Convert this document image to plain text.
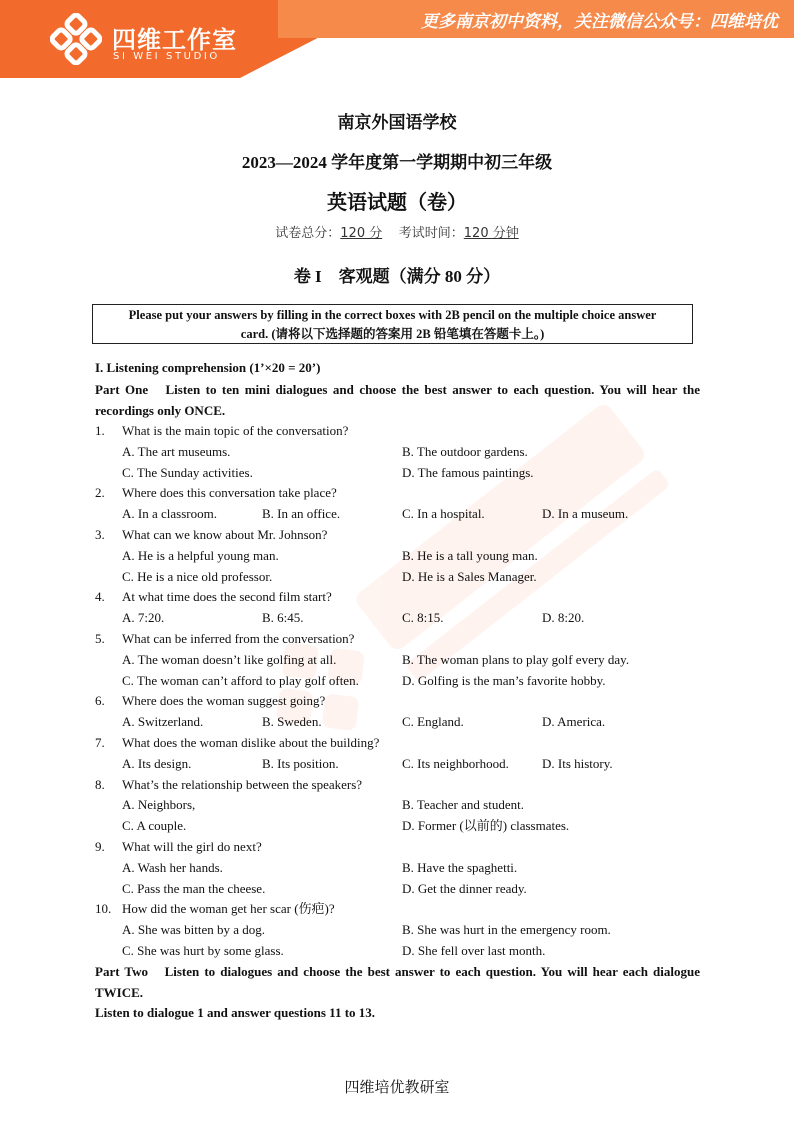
四维工作室
SI WEI STUDIO
更多南京初中资料，关注微信公众号：四维培优
南京外国语学校
2023—2024 学年度第一学期期中初三年级
英语试题（卷）
试卷总分：120 分 考试时间：120 分钟
卷 I　客观题（满分 80 分）
Please put your answers by filling in the correct boxes with 2B pencil on the multiple choice answer
card. (请将以下选择题的答案用 2B 铅笔填在答题卡上。)
I. Listening comprehension (1’×20 = 20’)
Part One　Listen to ten mini dialogues and choose the best answer to each question. You will hear the recordings only ONCE.
1. What is the main topic of the conversation?
A. The art museums.	B. The outdoor gardens.
C. The Sunday activities.	D. The famous paintings.
2. Where does this conversation take place?
A. In a classroom.	B. In an office.	C. In a hospital.	D. In a museum.
3. What can we know about Mr. Johnson?
A. He is a helpful young man.	B. He is a tall young man.
C. He is a nice old professor.	D. He is a Sales Manager.
4. At what time does the second film start?
A. 7:20.	B. 6:45.	C. 8:15.	D. 8:20.
5. What can be inferred from the conversation?
A. The woman doesn’t like golfing at all.	B. The woman plans to play golf every day.
C. The woman can’t afford to play golf often.	D. Golfing is the man’s favorite hobby.
6. Where does the woman suggest going?
A. Switzerland.	B. Sweden.	C. England.	D. America.
7. What does the woman dislike about the building?
A. Its design.	B. Its position.	C. Its neighborhood.	D. Its history.
8. What’s the relationship between the speakers?
A. Neighbors,	B. Teacher and student.
C. A couple.	D. Former (以前的) classmates.
9. What will the girl do next?
A. Wash her hands.	B. Have the spaghetti.
C. Pass the man the cheese.	D. Get the dinner ready.
10. How did the woman get her scar (伤疤)?
A. She was bitten by a dog.	B. She was hurt in the emergency room.
C. She was hurt by some glass.	D. She fell over last month.
Part Two　Listen to dialogues and choose the best answer to each question. You will hear each dialogue TWICE.
Listen to dialogue 1 and answer questions 11 to 13.
四维培优教研室
